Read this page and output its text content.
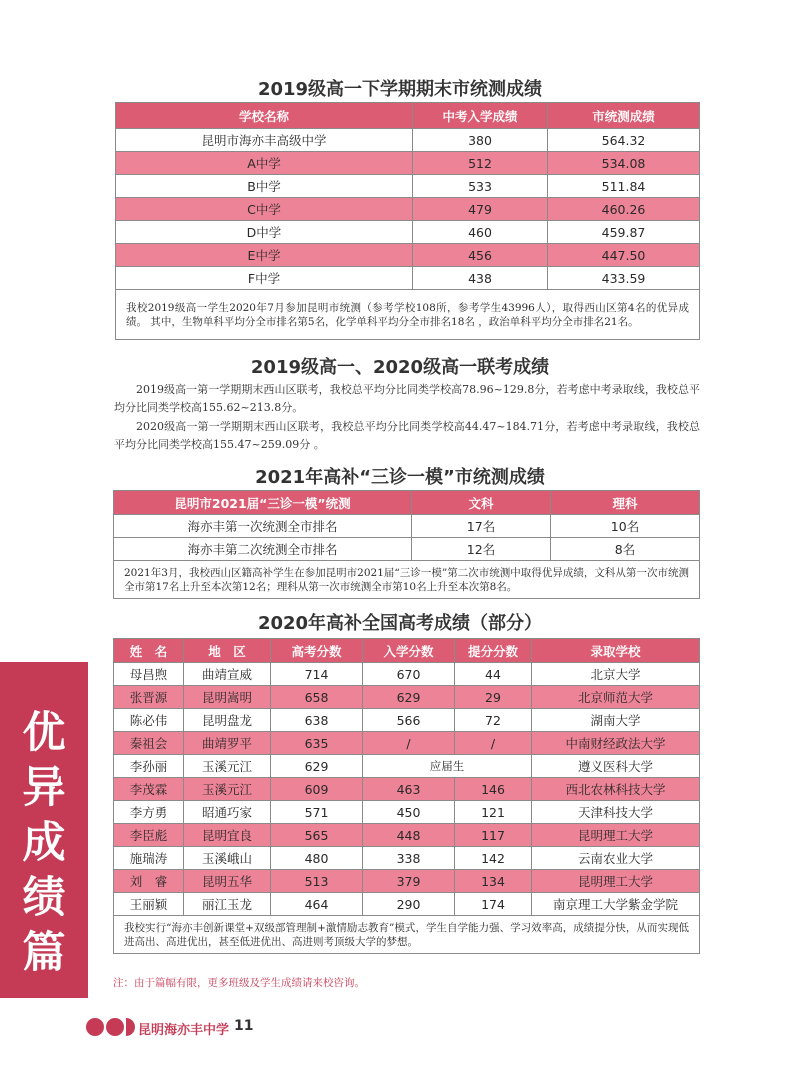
2019级高一下学期期末市统测成绩
学校名称	中考入学成绩	市统测成绩
昆明市海亦丰高级中学	380	564.32
A中学	512	534.08
B中学	533	511.84
C中学	479	460.26
D中学	460	459.87
E中学	456	447.50
F中学	438	433.59
我校2019级高一学生2020年7月参加昆明市统测（参考学校108所，参考学生43996人），取得西山区第4名的优异成绩。 其中，生物单科平均分全市排名第5名，化学单科平均分全市排名18名 ，政治单科平均分全市排名21名。		
2019级高一、2020级高一联考成绩
2019级高一第一学期期末西山区联考，我校总平均分比同类学校高78.96~129.8分，若考虑中考录取线，我校总平均分比同类学校高155.62~213.8分。
2020级高一第一学期期末西山区联考，我校总平均分比同类学校高44.47~184.71分，若考虑中考录取线，我校总平均分比同类学校高155.47~259.09分 。
2021年高补“三诊一模”市统测成绩
昆明市2021届“三诊一模”统测	文科	理科
海亦丰第一次统测全市排名	17名	10名
海亦丰第二次统测全市排名	12名	8名
2021年3月，我校西山区籍高补学生在参加昆明市2021届“三诊一模”第二次市统测中取得优异成绩，文科从第一次市统测全市第17名上升至本次第12名；理科从第一次市统测全市第10名上升至本次第8名。		
2020年高补全国高考成绩（部分）
姓　名	地　区	高考分数	入学分数	提分分数	录取学校
母昌煦	曲靖宣威	714	670	44	北京大学
张晋源	昆明嵩明	658	629	29	北京师范大学
陈必伟	昆明盘龙	638	566	72	湖南大学
秦祖会	曲靖罗平	635	/	/	中南财经政法大学
李孙丽	玉溪元江	629	应届生		遵义医科大学
李茂霖	玉溪元江	609	463	146	西北农林科技大学
李方勇	昭通巧家	571	450	121	天津科技大学
李臣彪	昆明宜良	565	448	117	昆明理工大学
施瑞涛	玉溪峨山	480	338	142	云南农业大学
刘　睿	昆明五华	513	379	134	昆明理工大学
王丽颖	丽江玉龙	464	290	174	南京理工大学紫金学院
我校实行“海亦丰创新课堂+双级部管理制+激情励志教育”模式，学生自学能力强、学习效率高，成绩提分快，从而实现低进高出、高进优出，甚至低进优出、高进则考顶级大学的梦想。					
优
异
成
绩
篇
注：由于篇幅有限，更多班级及学生成绩请来校咨询。
昆明海亦丰中学 11
